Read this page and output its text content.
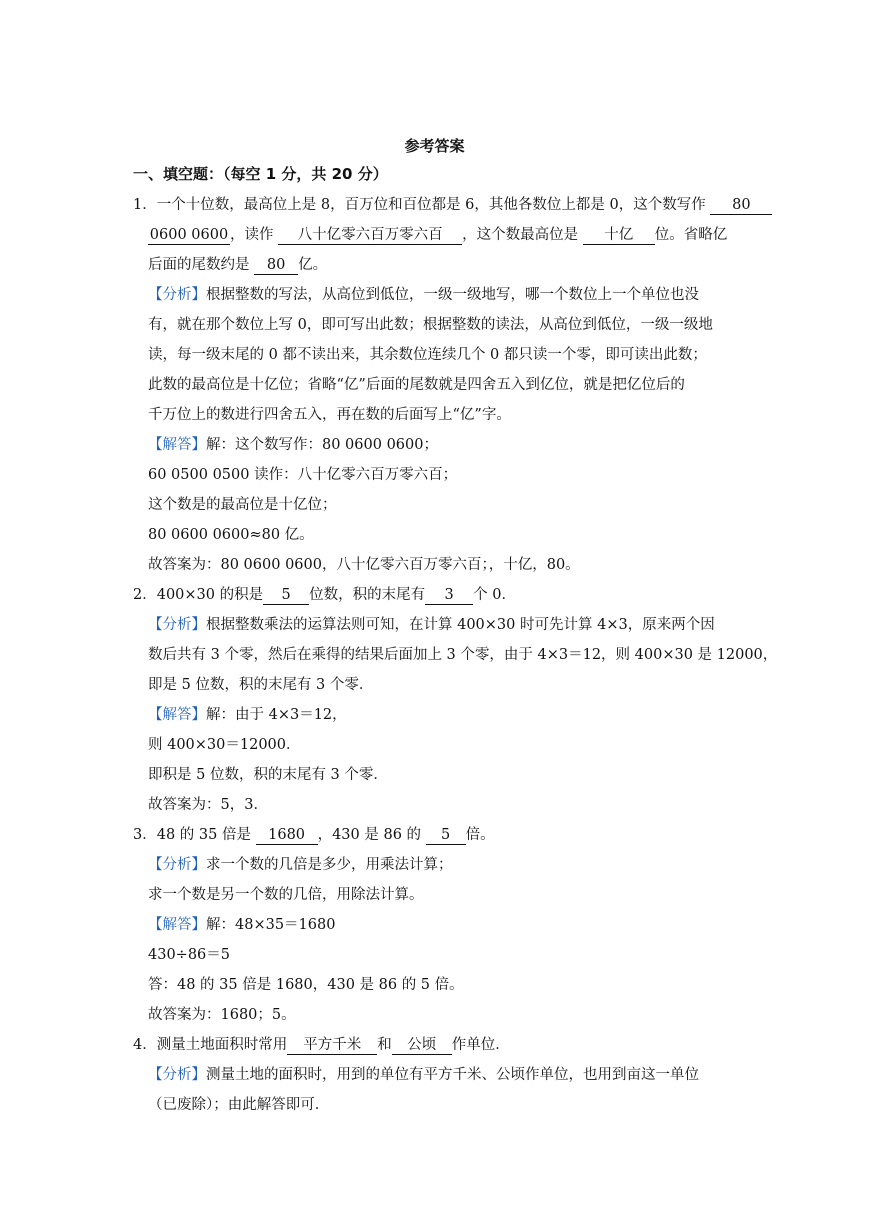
参考答案
一、填空题：（每空 1 分，共 20 分）
1．一个十位数，最高位上是 8，百万位和百位都是 6，其他各数位上都是 0，这个数写作 80
0600 0600 ，读作 八十亿零六百万零六百 ，这个数最高位是 十亿 位。省略亿
后面的尾数约是 80 亿。
【分析】根据整数的写法，从高位到低位，一级一级地写，哪一个数位上一个单位也没
有，就在那个数位上写 0，即可写出此数；根据整数的读法，从高位到低位，一级一级地
读，每一级末尾的 0 都不读出来，其余数位连续几个 0 都只读一个零，即可读出此数；
此数的最高位是十亿位；省略“亿”后面的尾数就是四舍五入到亿位，就是把亿位后的
千万位上的数进行四舍五入，再在数的后面写上“亿”字。
【解答】解：这个数写作：80 0600 0600；
60 0500 0500 读作：八十亿零六百万零六百；
这个数是的最高位是十亿位；
80 0600 0600≈80 亿。
故答案为：80 0600 0600，八十亿零六百万零六百；，十亿，80。
2．400×30 的积是 5 位数，积的末尾有 3 个 0．
【分析】根据整数乘法的运算法则可知，在计算 400×30 时可先计算 4×3，原来两个因
数后共有 3 个零，然后在乘得的结果后面加上 3 个零，由于 4×3＝12，则 400×30 是 12000，
即是 5 位数，积的末尾有 3 个零．
【解答】解：由于 4×3＝12，
则 400×30＝12000．
即积是 5 位数，积的末尾有 3 个零．
故答案为：5，3．
3．48 的 35 倍是 1680 ，430 是 86 的 5 倍。
【分析】求一个数的几倍是多少，用乘法计算；
求一个数是另一个数的几倍，用除法计算。
【解答】解：48×35＝1680
430÷86＝5
答：48 的 35 倍是 1680，430 是 86 的 5 倍。
故答案为：1680；5。
4．测量土地面积时常用 平方千米 和 公顷 作单位．
【分析】测量土地的面积时，用到的单位有平方千米、公顷作单位，也用到亩这一单位
（已废除）；由此解答即可．
